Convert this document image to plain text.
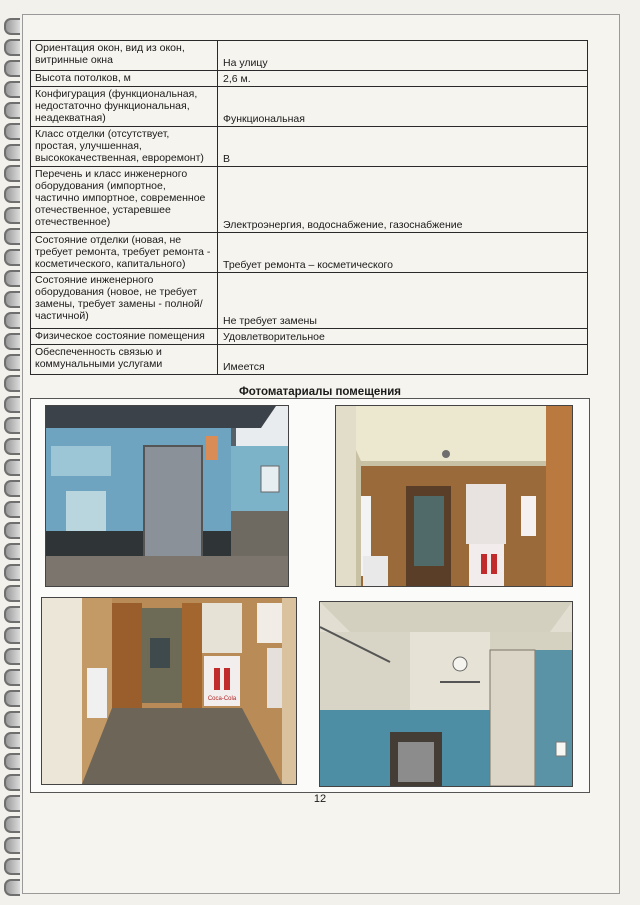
Ориентация окон, вид из окон, витринные окна	На улицу
Высота потолков, м	2,6 м.
Конфигурация (функциональная, недостаточно функциональная, неадекватная)	Функциональная
Класс отделки (отсутствует, простая, улучшенная, высококачественная, евроремонт)	В
Перечень и класс инженерного оборудования (импортное, частично импортное, современное отечественное, устаревшее отечественное)	Электроэнергия, водоснабжение, газоснабжение
Состояние отделки (новая, не требует ремонта, требует ремонта - косметического, капитального)	Требует ремонта – косметического
Состояние инженерного оборудования (новое, не требует замены, требует замены - полной/частичной)	Не требует замены
Физическое состояние помещения	Удовлетворительное
Обеспеченность связью и коммунальными услугами	Имеется
Фотоматариалы помещения
Coca-Cola
12
